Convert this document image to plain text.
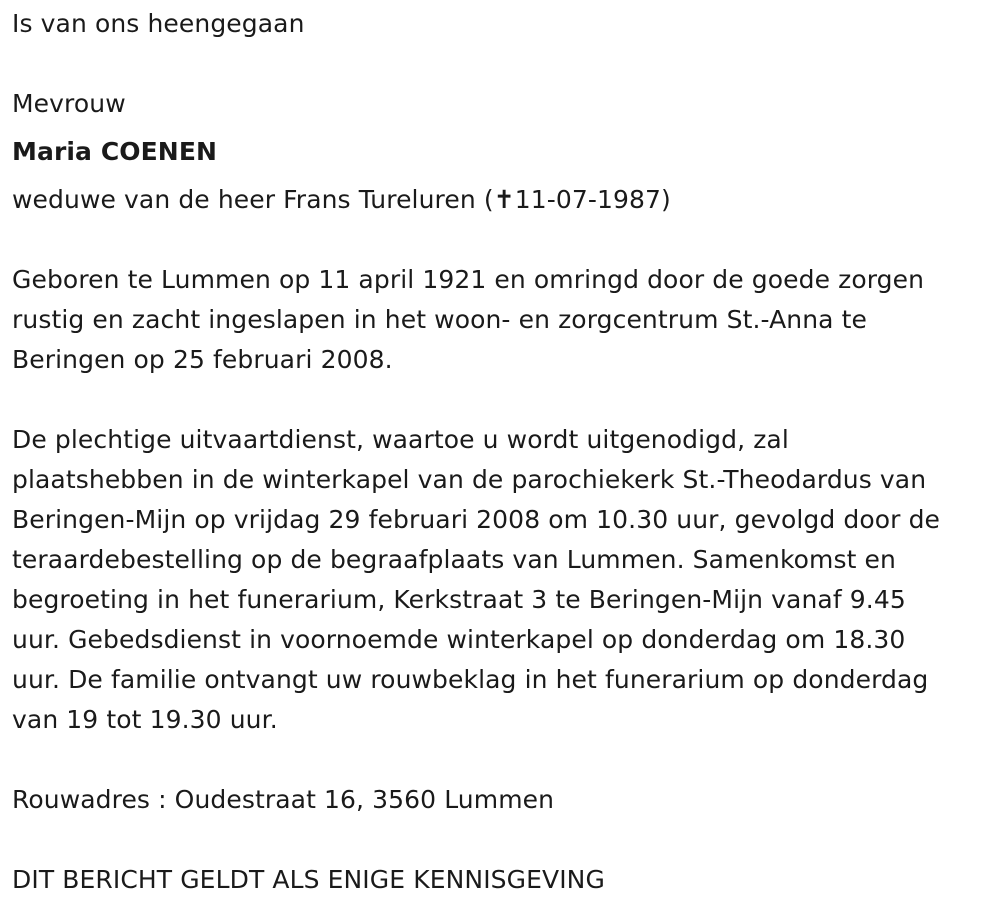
Is van ons heengegaan

Mevrouw

Maria COENEN

weduwe van de heer Frans Tureluren (✝11-07-1987)

Geboren te Lummen op 11 april 1921 en omringd door de goede zorgen

rustig en zacht ingeslapen in het woon- en zorgcentrum St.-Anna te

Beringen op 25 februari 2008.

De plechtige uitvaartdienst, waartoe u wordt uitgenodigd, zal

plaatshebben in de winterkapel van de parochiekerk St.-Theodardus van

Beringen-Mijn op vrijdag 29 februari 2008 om 10.30 uur, gevolgd door de

teraardebestelling op de begraafplaats van Lummen. Samenkomst en

begroeting in het funerarium, Kerkstraat 3 te Beringen-Mijn vanaf 9.45

uur. Gebedsdienst in voornoemde winterkapel op donderdag om 18.30

uur. De familie ontvangt uw rouwbeklag in het funerarium op donderdag

van 19 tot 19.30 uur.

Rouwadres : Oudestraat 16, 3560 Lummen

DIT BERICHT GELDT ALS ENIGE KENNISGEVING
